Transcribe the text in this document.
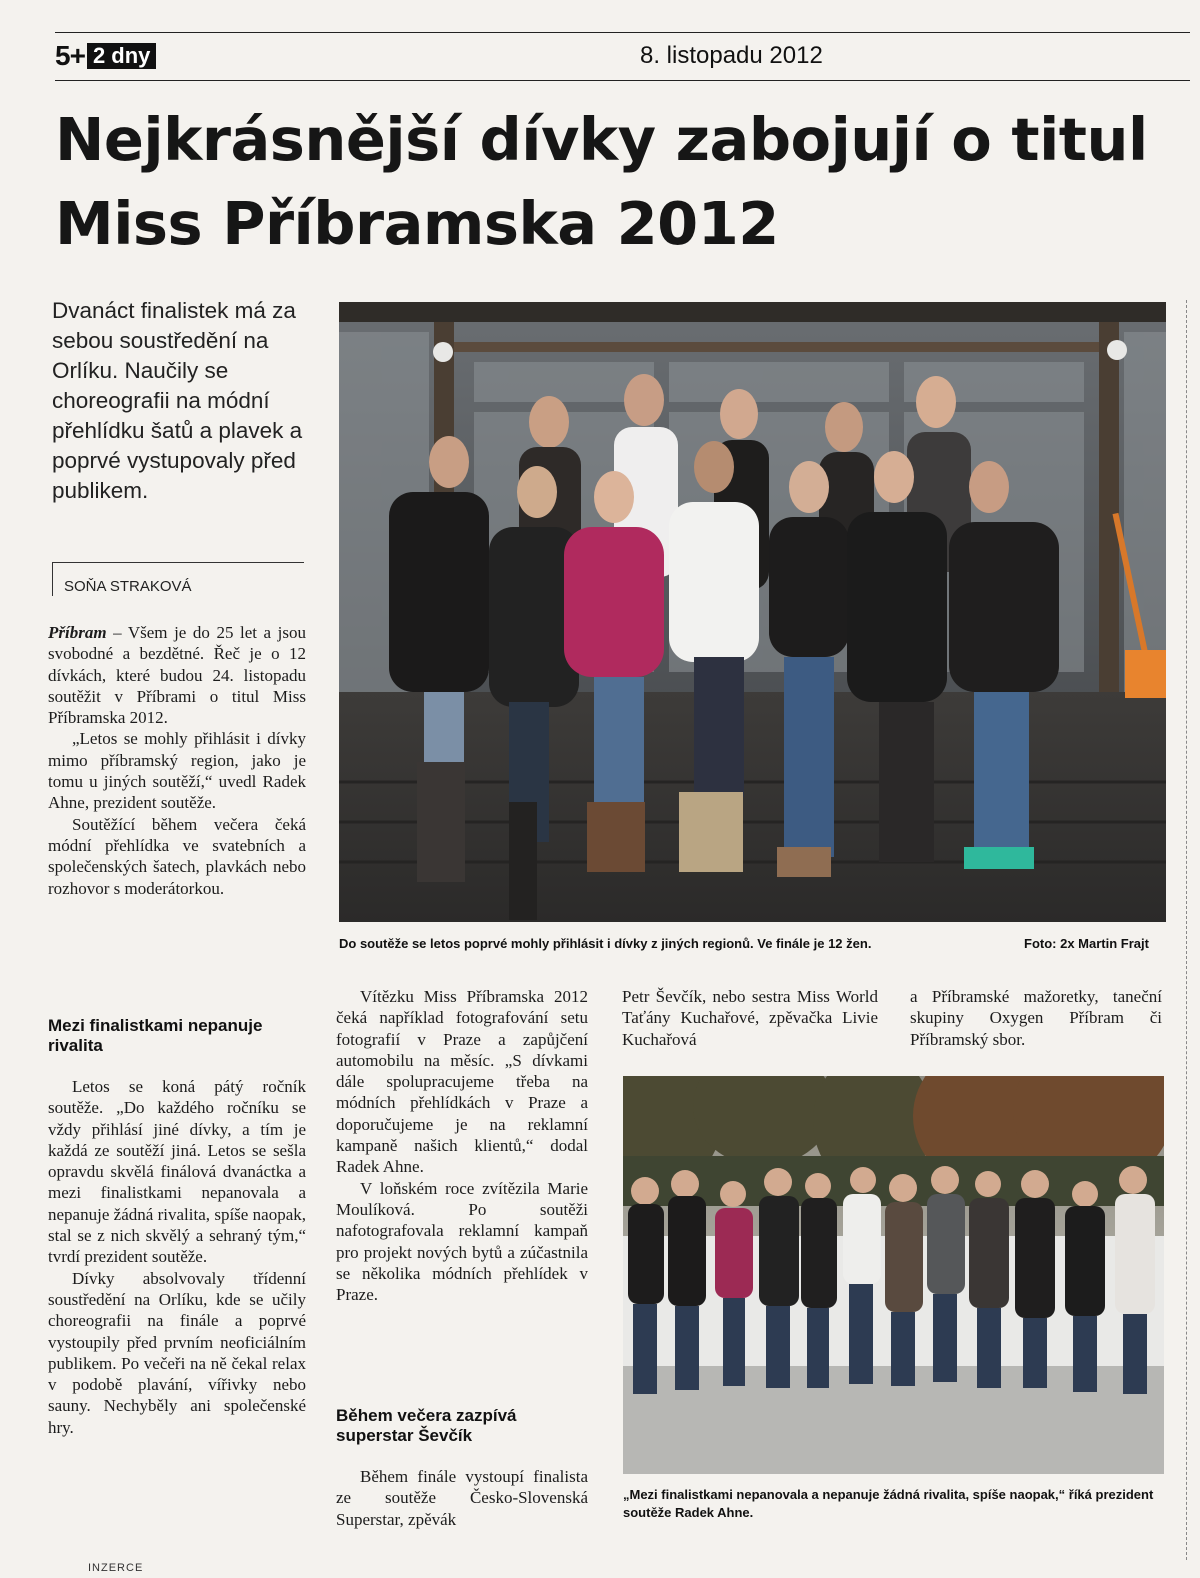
5+ 2 dny	8. listopadu 2012
Nejkrásnější dívky zabojují o titul Miss Příbramska 2012
Dvanáct finalistek má za sebou soustředění na Orlíku. Naučily se choreografii na módní přehlídku šatů a plavek a poprvé vystupovaly před publikem.
SOŇA STRAKOVÁ

Příbram – Všem je do 25 let a jsou svobodné a bezdětné. Řeč je o 12 dívkách, které budou 24. listopadu soutěžit v Příbrami o titul Miss Příbramska 2012.

„Letos se mohly přihlásit i dívky mimo příbramský region, jako je tomu u jiných soutěží,“ uvedl Radek Ahne, prezident soutěže.

Soutěžící během večera čeká módní přehlídka ve svatebních a společenských šatech, plavkách nebo rozhovor s moderátorkou.

Mezi finalistkami nepanuje rivalita

Letos se koná pátý ročník soutěže. „Do každého ročníku se vždy přihlásí jiné dívky, a tím je každá ze soutěží jiná. Letos se sešla opravdu skvělá finálová dvanáctka a mezi finalistkami nepanovala a nepanuje žádná rivalita, spíše naopak, stal se z nich skvělý a sehraný tým,“ tvrdí prezident soutěže.

Dívky absolvovaly třídenní soustředění na Orlíku, kde se učily choreografii na finále a poprvé vystoupily před prvním neoficiálním publikem. Po večeři na ně čekal relax v podobě plavání, vířivky nebo sauny. Nechyběly ani společenské hry.

Vítězku Miss Příbramska 2012 čeká například fotografování setu fotografií v Praze a zapůjčení automobilu na měsíc. „S dívkami dále spolupracujeme třeba na módních přehlídkách v Praze a doporučujeme je na reklamní kampaně našich klientů,“ dodal Radek Ahne.

V loňském roce zvítězila Marie Moulíková. Po soutěži nafotografovala reklamní kampaň pro projekt nových bytů a zúčastnila se několika módních přehlídek v Praze.

Během večera zazpívá superstar Ševčík

Během finále vystoupí finalista ze soutěže Česko-Slovenská Superstar, zpěvák

Petr Ševčík, nebo sestra Miss World Taťány Kuchařové, zpěvačka Livie Kuchařová

a Příbramské mažoretky, taneční skupiny Oxygen Příbram či Příbramský sbor.

Do soutěže se letos poprvé mohly přihlásit i dívky z jiných regionů. Ve finále je 12 žen.	Foto: 2x Martin Frajt
„Mezi finalistkami nepanovala a nepanuje žádná rivalita, spíše naopak,“ říká prezident soutěže Radek Ahne.
INZERCE
